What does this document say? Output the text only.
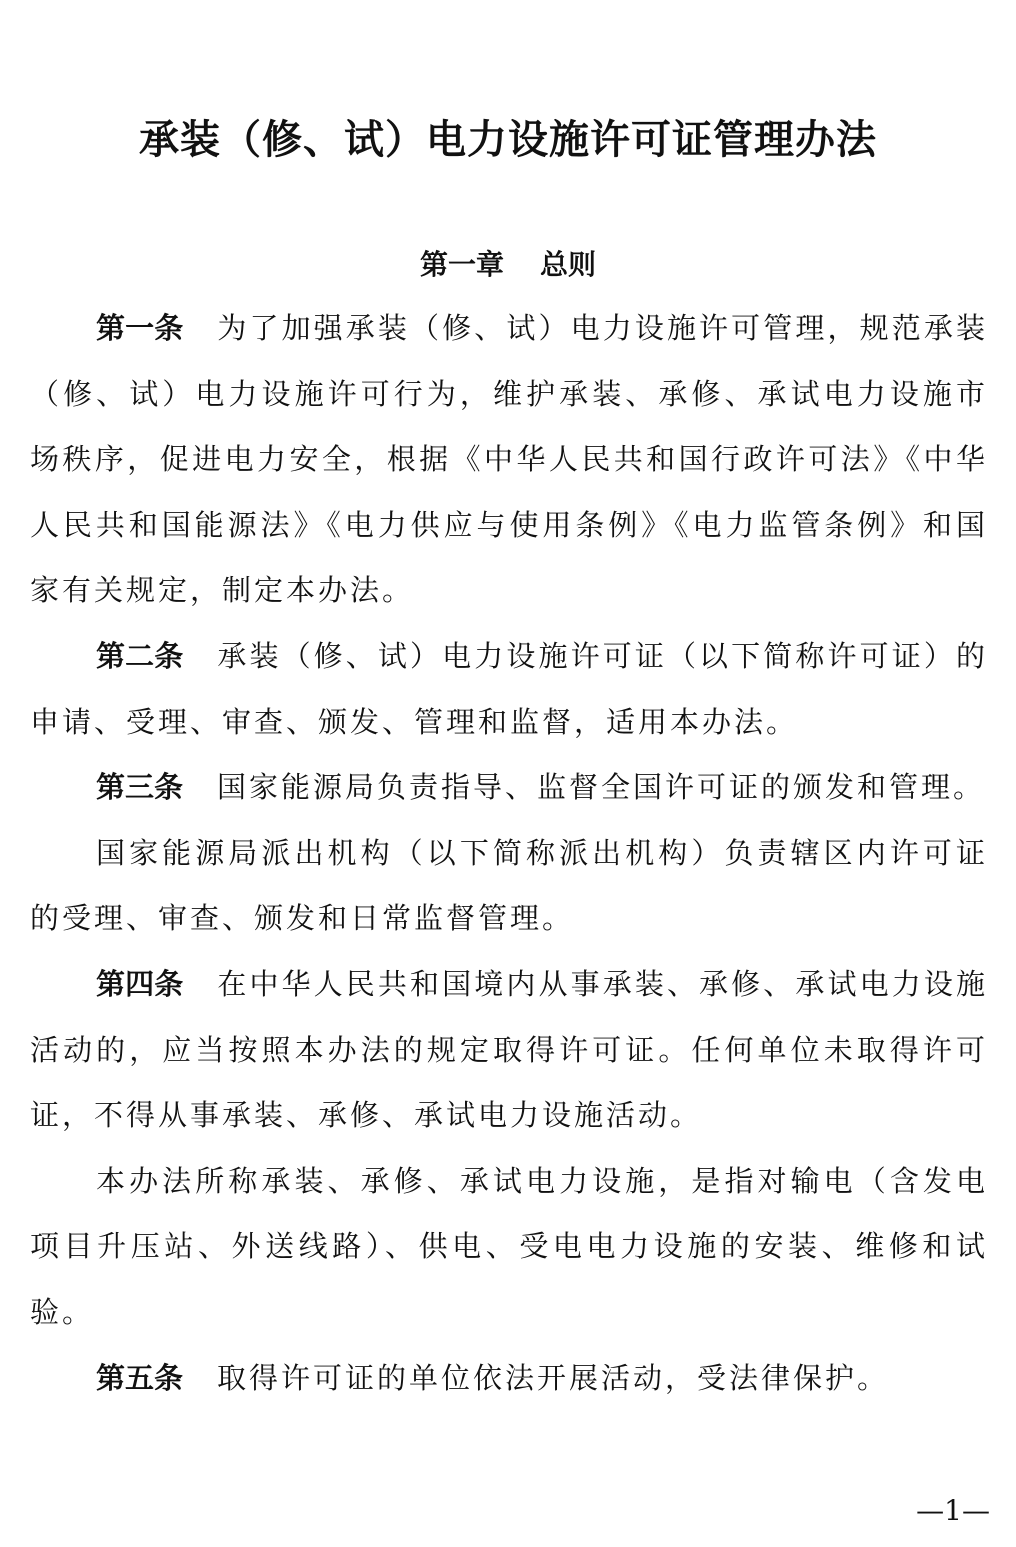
承装（修、试）电力设施许可证管理办法
第一章 总则

第一条 为了加强承装（修、试）电力设施许可管理，规范承装（修、试）电力设施许可行为，维护承装、承修、承试电力设施市场秩序，促进电力安全，根据《中华人民共和国行政许可法》《中华人民共和国能源法》《电力供应与使用条例》《电力监管条例》和国家有关规定，制定本办法。

第二条 承装（修、试）电力设施许可证（以下简称许可证）的申请、受理、审查、颁发、管理和监督，适用本办法。

第三条 国家能源局负责指导、监督全国许可证的颁发和管理。

国家能源局派出机构（以下简称派出机构）负责辖区内许可证的受理、审查、颁发和日常监督管理。

第四条 在中华人民共和国境内从事承装、承修、承试电力设施活动的，应当按照本办法的规定取得许可证。任何单位未取得许可证，不得从事承装、承修、承试电力设施活动。

本办法所称承装、承修、承试电力设施，是指对输电（含发电项目升压站、外送线路）、供电、受电电力设施的安装、维修和试验。

第五条 取得许可证的单位依法开展活动，受法律保护。

—1—
